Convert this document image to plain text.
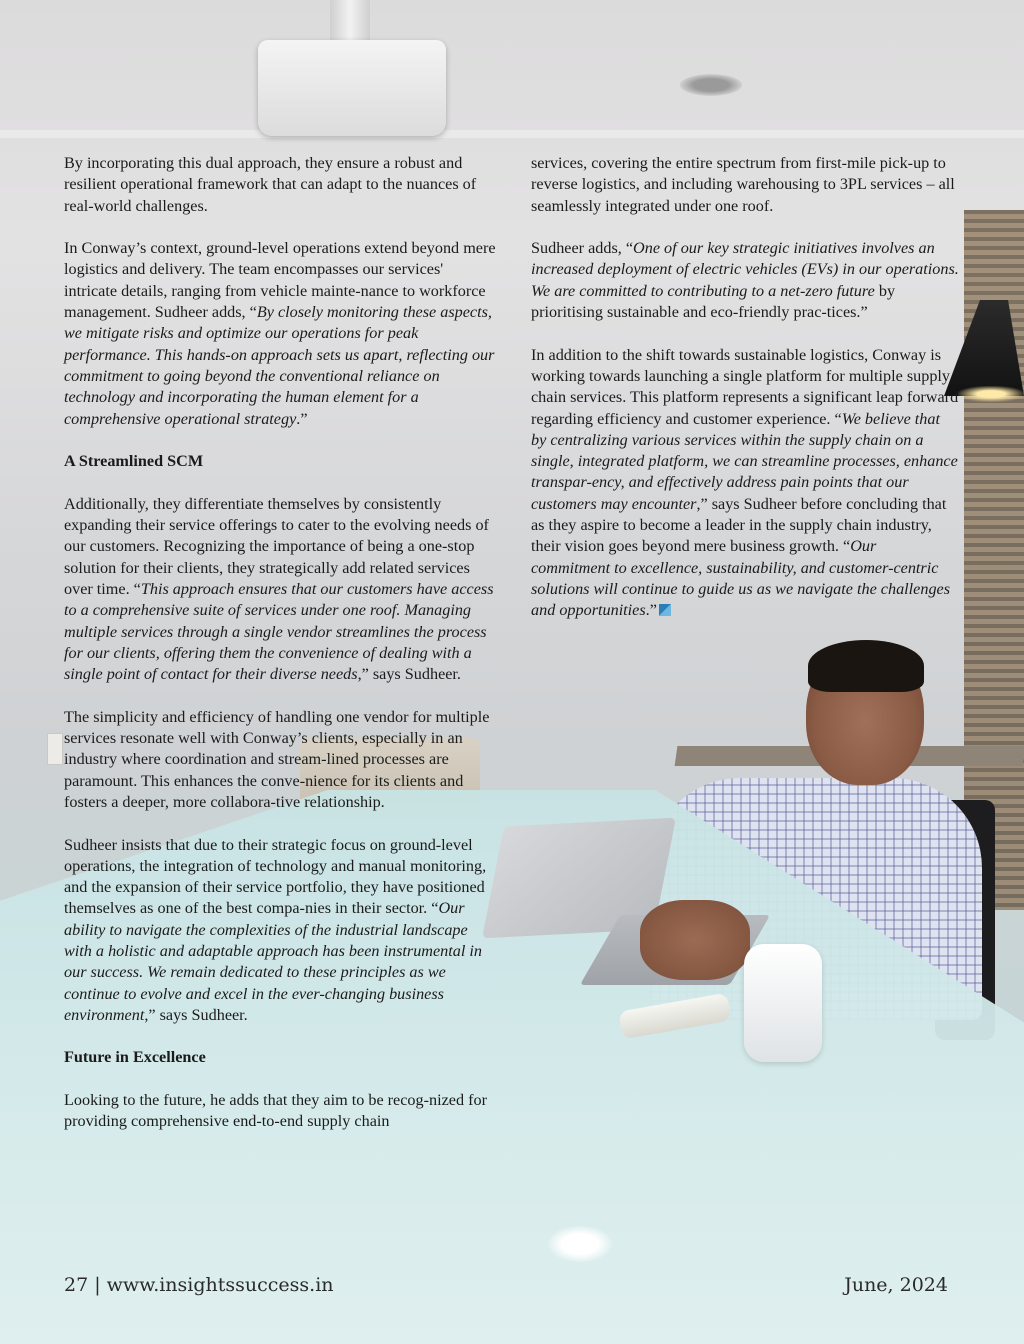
By incorporating this dual approach, they ensure a robust and resilient operational framework that can adapt to the nuances of real-world challenges.

In Conway’s context, ground-level operations extend beyond mere logistics and delivery. The team encompasses our services' intricate details, ranging from vehicle mainte-nance to workforce management. Sudheer adds, “By closely monitoring these aspects, we mitigate risks and optimize our operations for peak performance. This hands-on approach sets us apart, reflecting our commitment to going beyond the conventional reliance on technology and incorporating the human element for a comprehensive operational strategy.”

A Streamlined SCM

Additionally, they differentiate themselves by consistently expanding their service offerings to cater to the evolving needs of our customers. Recognizing the importance of being a one-stop solution for their clients, they strategically add related services over time. “This approach ensures that our customers have access to a comprehensive suite of services under one roof. Managing multiple services through a single vendor streamlines the process for our clients, offering them the convenience of dealing with a single point of contact for their diverse needs,” says Sudheer.

The simplicity and efficiency of handling one vendor for multiple services resonate well with Conway’s clients, especially in an industry where coordination and stream-lined processes are paramount. This enhances the conve-nience for its clients and fosters a deeper, more collabora-tive relationship.

Sudheer insists that due to their strategic focus on ground-level operations, the integration of technology and manual monitoring, and the expansion of their service portfolio, they have positioned themselves as one of the best compa-nies in their sector. “Our ability to navigate the complexities of the industrial landscape with a holistic and adaptable approach has been instrumental in our success. We remain dedicated to these principles as we continue to evolve and excel in the ever-changing business environment,” says Sudheer.

Future in Excellence

Looking to the future, he adds that they aim to be recog-nized for providing comprehensive end-to-end supply chain

services, covering the entire spectrum from first-mile pick-up to reverse logistics, and including warehousing to 3PL services – all seamlessly integrated under one roof.

Sudheer adds, “One of our key strategic initiatives involves an increased deployment of electric vehicles (EVs) in our operations. We are committed to contributing to a net-zero future by prioritising sustainable and eco-friendly prac-tices.”

In addition to the shift towards sustainable logistics, Conway is working towards launching a single platform for multiple supply chain services. This platform represents a significant leap forward regarding efficiency and customer experience. “We believe that by centralizing various services within the supply chain on a single, integrated platform, we can streamline processes, enhance transpar-ency, and effectively address pain points that our customers may encounter,” says Sudheer before concluding that as they aspire to become a leader in the supply chain industry, their vision goes beyond mere business growth. “Our commitment to excellence, sustainability, and customer-centric solutions will continue to guide us as we navigate the challenges and opportunities.”

27 | www.insightssuccess.in	June, 2024
